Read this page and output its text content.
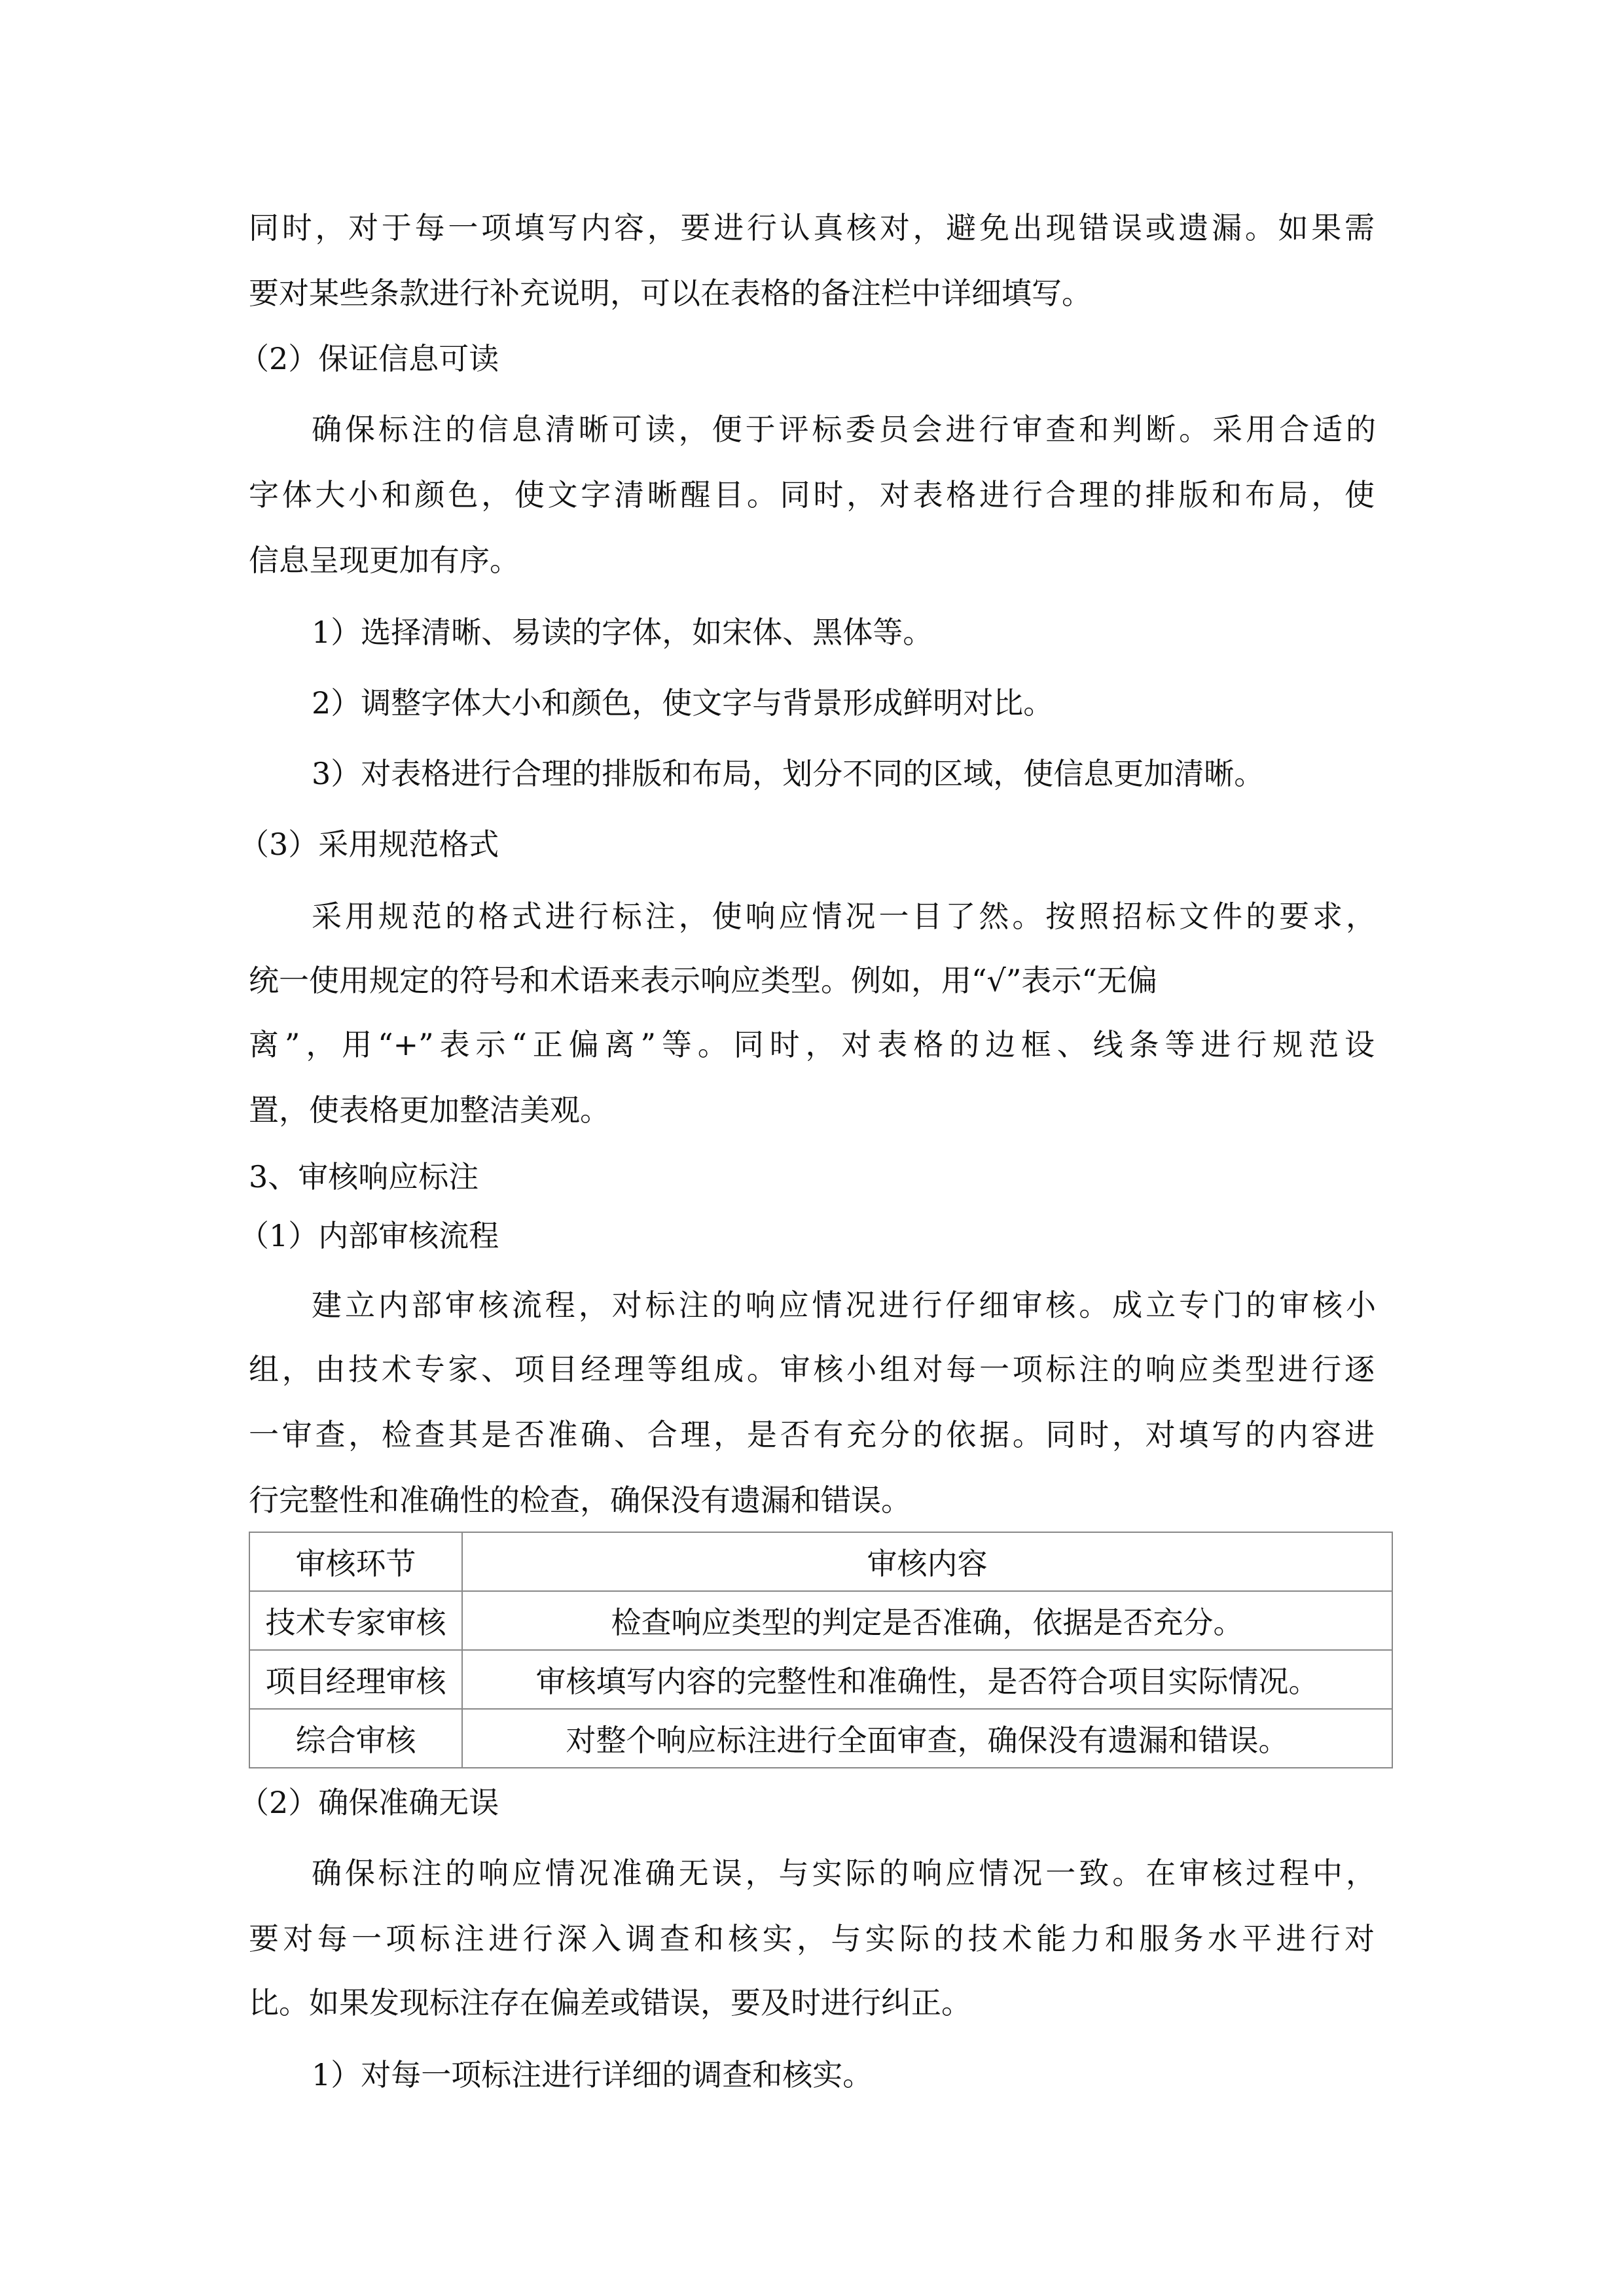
同时，对于每一项填写内容，要进行认真核对，避免出现错误或遗漏。如果需
要对某些条款进行补充说明，可以在表格的备注栏中详细填写。
（2）保证信息可读
确保标注的信息清晰可读，便于评标委员会进行审查和判断。采用合适的
字体大小和颜色，使文字清晰醒目。同时，对表格进行合理的排版和布局，使
信息呈现更加有序。
1）选择清晰、易读的字体，如宋体、黑体等。
2）调整字体大小和颜色，使文字与背景形成鲜明对比。
3）对表格进行合理的排版和布局，划分不同的区域，使信息更加清晰。
（3）采用规范格式
采用规范的格式进行标注，使响应情况一目了然。按照招标文件的要求，
统一使用规定的符号和术语来表示响应类型。例如，用“√”表示“无偏
离”，用“+”表示“正偏离”等。同时，对表格的边框、线条等进行规范设
置，使表格更加整洁美观。
3、审核响应标注
（1）内部审核流程
建立内部审核流程，对标注的响应情况进行仔细审核。成立专门的审核小
组，由技术专家、项目经理等组成。审核小组对每一项标注的响应类型进行逐
一审查，检查其是否准确、合理，是否有充分的依据。同时，对填写的内容进
行完整性和准确性的检查，确保没有遗漏和错误。
审核环节	审核内容
技术专家审核	检查响应类型的判定是否准确，依据是否充分。
项目经理审核	审核填写内容的完整性和准确性，是否符合项目实际情况。
综合审核	对整个响应标注进行全面审查，确保没有遗漏和错误。
（2）确保准确无误
确保标注的响应情况准确无误，与实际的响应情况一致。在审核过程中，
要对每一项标注进行深入调查和核实，与实际的技术能力和服务水平进行对
比。如果发现标注存在偏差或错误，要及时进行纠正。
1）对每一项标注进行详细的调查和核实。
